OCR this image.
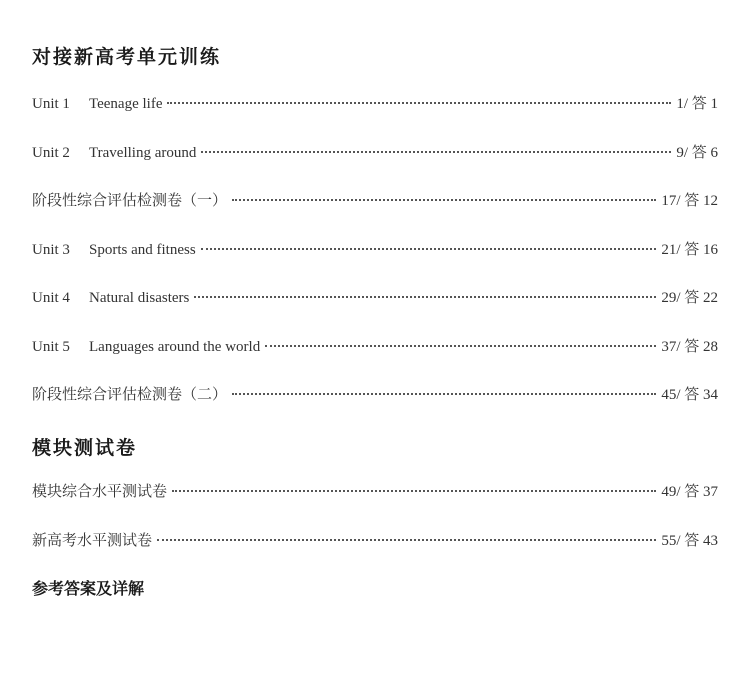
对接新高考单元训练
Unit 1 Teenage life	1/ 答 1
Unit 2 Travelling around	9/ 答 6
阶段性综合评估检测卷（一）	17/ 答 12
Unit 3 Sports and fitness	21/ 答 16
Unit 4 Natural disasters	29/ 答 22
Unit 5 Languages around the world	37/ 答 28
阶段性综合评估检测卷（二）	45/ 答 34
模块测试卷
模块综合水平测试卷	49/ 答 37
新高考水平测试卷	55/ 答 43
参考答案及详解
